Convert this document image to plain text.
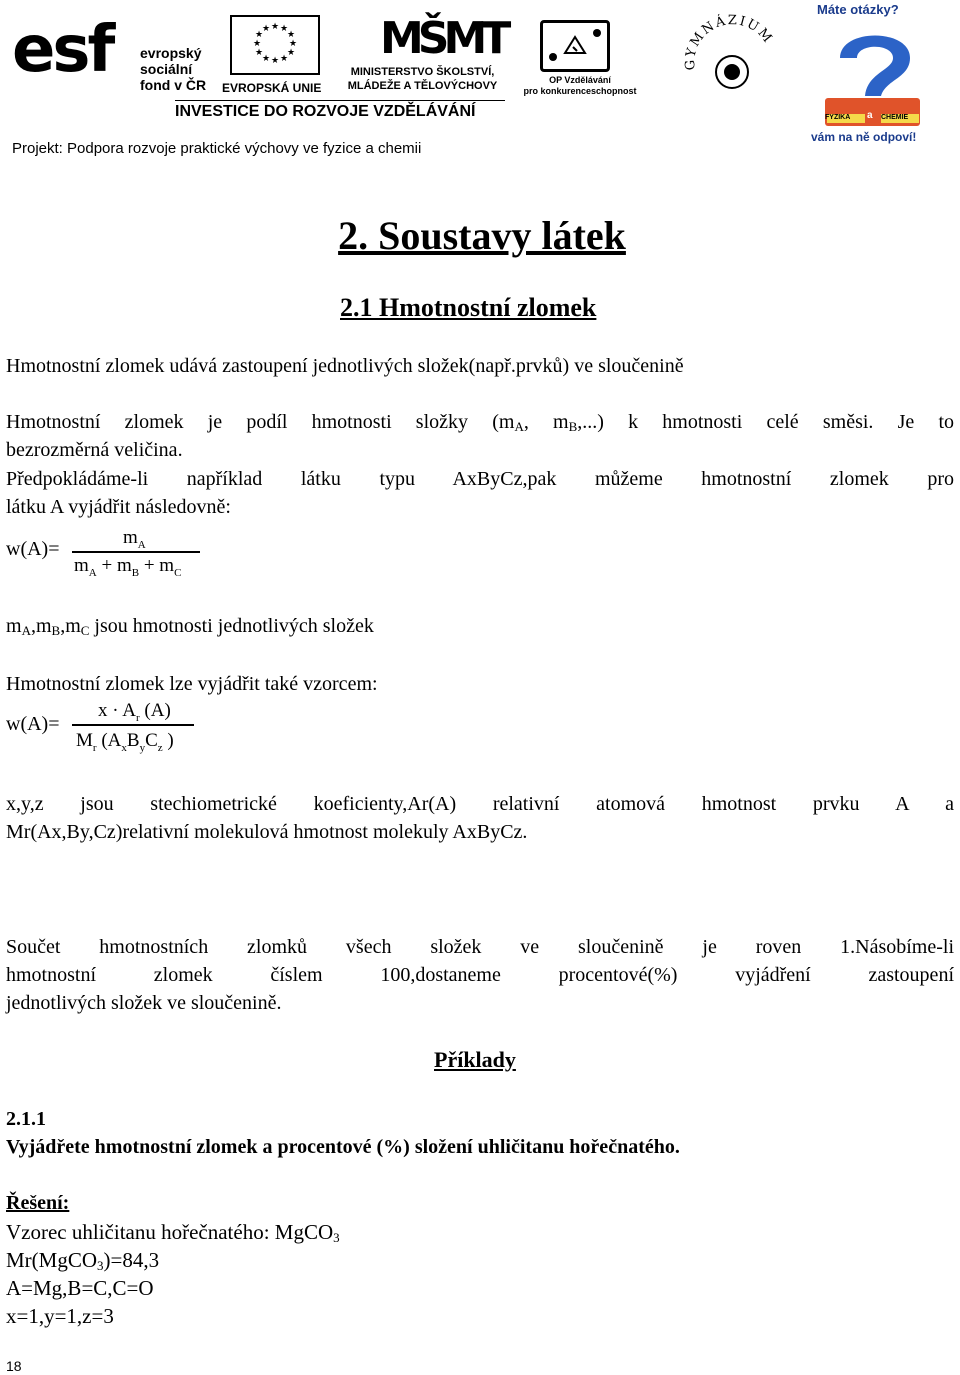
esf evropský
sociální
fond v ČR
★ ★
★
★
★
★
★
★
★
★
★
★
EVROPSKÁ UNIE
MŠMT
MINISTERSTVO ŠKOLSTVÍ,
MLÁDEŽE A TĚLOVÝCHOVY	OP Vzdělávání
pro konkurenceschopnost
INVESTICE DO ROZVOJE VZDĚLÁVÁNÍ
GYMNÁZIUM
Máte otázky?
FYZIKA a CHEMIE
vám na ně odpoví!
Projekt: Podpora rozvoje praktické výchovy ve fyzice a chemii
2. Soustavy látek
2.1 Hmotnostní zlomek
Hmotnostní zlomek udává zastoupení jednotlivých složek(např.prvků) ve sloučenině
Hmotnostní zlomek je podíl hmotnosti složky ($m_A$, $m_B$,...) k hmotnosti celé směsi. Je to
bezrozměrná veličina.
Předpokládáme-li například látku typu AxByCz,pak můžeme hmotnostní zlomek pro
látku A vyjádřit následovně:
w(A)=
$m_A$
$m_A + m_B + m_C$
$m_A,m_B,m_C$ jsou hmotnosti jednotlivých složek
Hmotnostní zlomek lze vyjádřit také vzorcem:
w(A)=
$x \cdot A_r$ (A)
$M_r$ ($A_xB_yC_z$ )
x,y,z jsou stechiometrické koeficienty,Ar(A) relativní atomová hmotnost prvku A a
Mr(Ax,By,Cz)relativní molekulová hmotnost molekuly AxByCz.
Součet hmotnostních zlomků všech složek ve sloučenině je roven 1.Násobíme-li
hmotnostní zlomek číslem 100,dostaneme procentové(%) vyjádření zastoupení
jednotlivých složek ve sloučenině.
Příklady
2.1.1
Vyjádřete hmotnostní zlomek a procentové (%) složení uhličitanu hořečnatého.
Řešení:
Vzorec uhličitanu hořečnatého: MgCO$_3$
Mr(MgCO$_3$)=84,3
A=Mg,B=C,C=O
x=1,y=1,z=3
18
